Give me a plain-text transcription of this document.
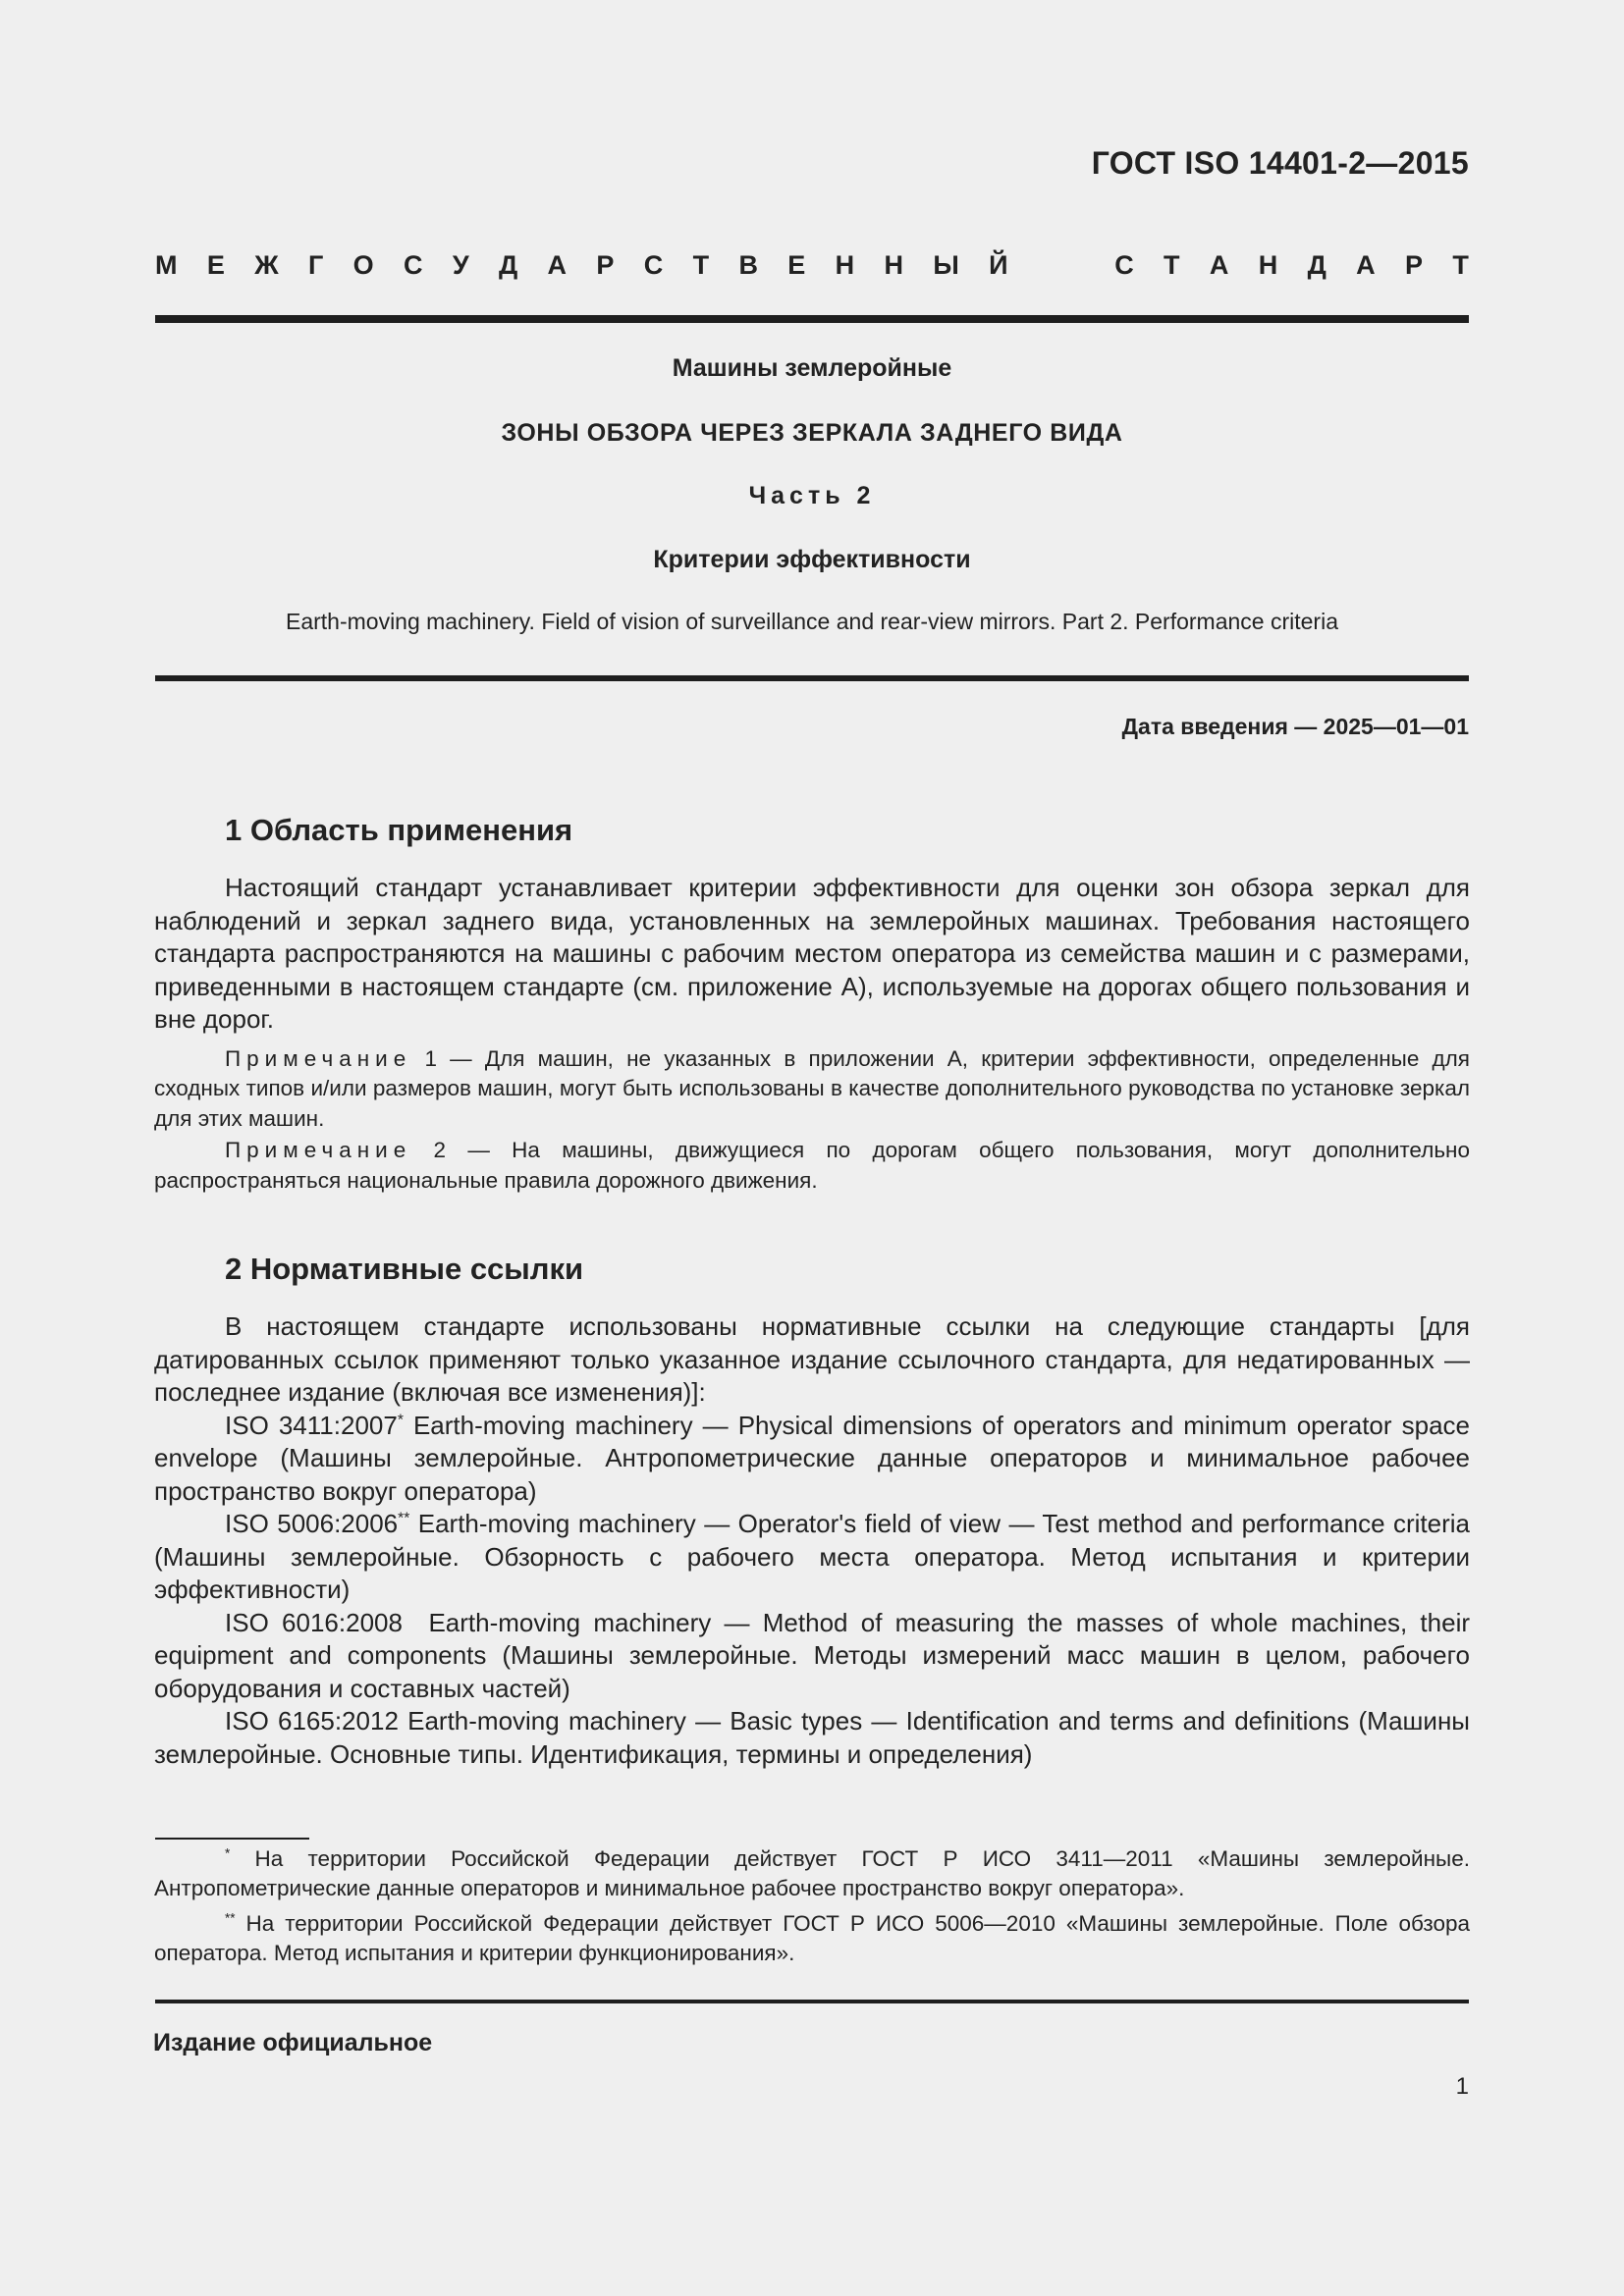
ГОСТ ISO 14401-2—2015
М Е Ж Г О С У Д А Р С Т В Е Н Н Ы Й	С Т А Н Д А Р Т
Машины землеройные
ЗОНЫ ОБЗОРА ЧЕРЕЗ ЗЕРКАЛА ЗАДНЕГО ВИДА
Часть 2
Критерии эффективности
Earth-moving machinery. Field of vision of surveillance and rear-view mirrors. Part 2. Performance criteria
Дата введения — 2025—01—01
1 Область применения

Настоящий стандарт устанавливает критерии эффективности для оценки зон обзора зеркал для наблюдений и зеркал заднего вида, установленных на землеройных машинах. Требования настоящего стандарта распространяются на машины с рабочим местом оператора из семейства машин и с размерами, приведенными в настоящем стандарте (см. приложение А), используемые на дорогах общего пользования и вне дорог.

Примечание 1 — Для машин, не указанных в приложении А, критерии эффективности, определенные для сходных типов и/или размеров машин, могут быть использованы в качестве дополнительного руководства по установке зеркал для этих машин.

Примечание 2 — На машины, движущиеся по дорогам общего пользования, могут дополнительно распространяться национальные правила дорожного движения.

2 Нормативные ссылки

В настоящем стандарте использованы нормативные ссылки на следующие стандарты [для датированных ссылок применяют только указанное издание ссылочного стандарта, для недатированных — последнее издание (включая все изменения)]:

ISO 3411:2007* Earth-moving machinery — Physical dimensions of operators and minimum operator space envelope (Машины землеройные. Антропометрические данные операторов и минимальное рабочее пространство вокруг оператора)

ISO 5006:2006** Earth-moving machinery — Operator's field of view — Test method and performance criteria (Машины землеройные. Обзорность с рабочего места оператора. Метод испытания и критерии эффективности)

ISO 6016:2008  Earth-moving machinery — Method of measuring the masses of whole machines, their equipment and components (Машины землеройные. Методы измерений масс машин в целом, рабочего оборудования и составных частей)

ISO 6165:2012 Earth-moving machinery — Basic types — Identification and terms and definitions (Машины землеройные. Основные типы. Идентификация, термины и определения)

* На территории Российской Федерации действует ГОСТ Р ИСО 3411—2011 «Машины землеройные. Антропометрические данные операторов и минимальное рабочее пространство вокруг оператора».

** На территории Российской Федерации действует ГОСТ Р ИСО 5006—2010 «Машины землеройные. Поле обзора оператора. Метод испытания и критерии функционирования».

Издание официальное
1
